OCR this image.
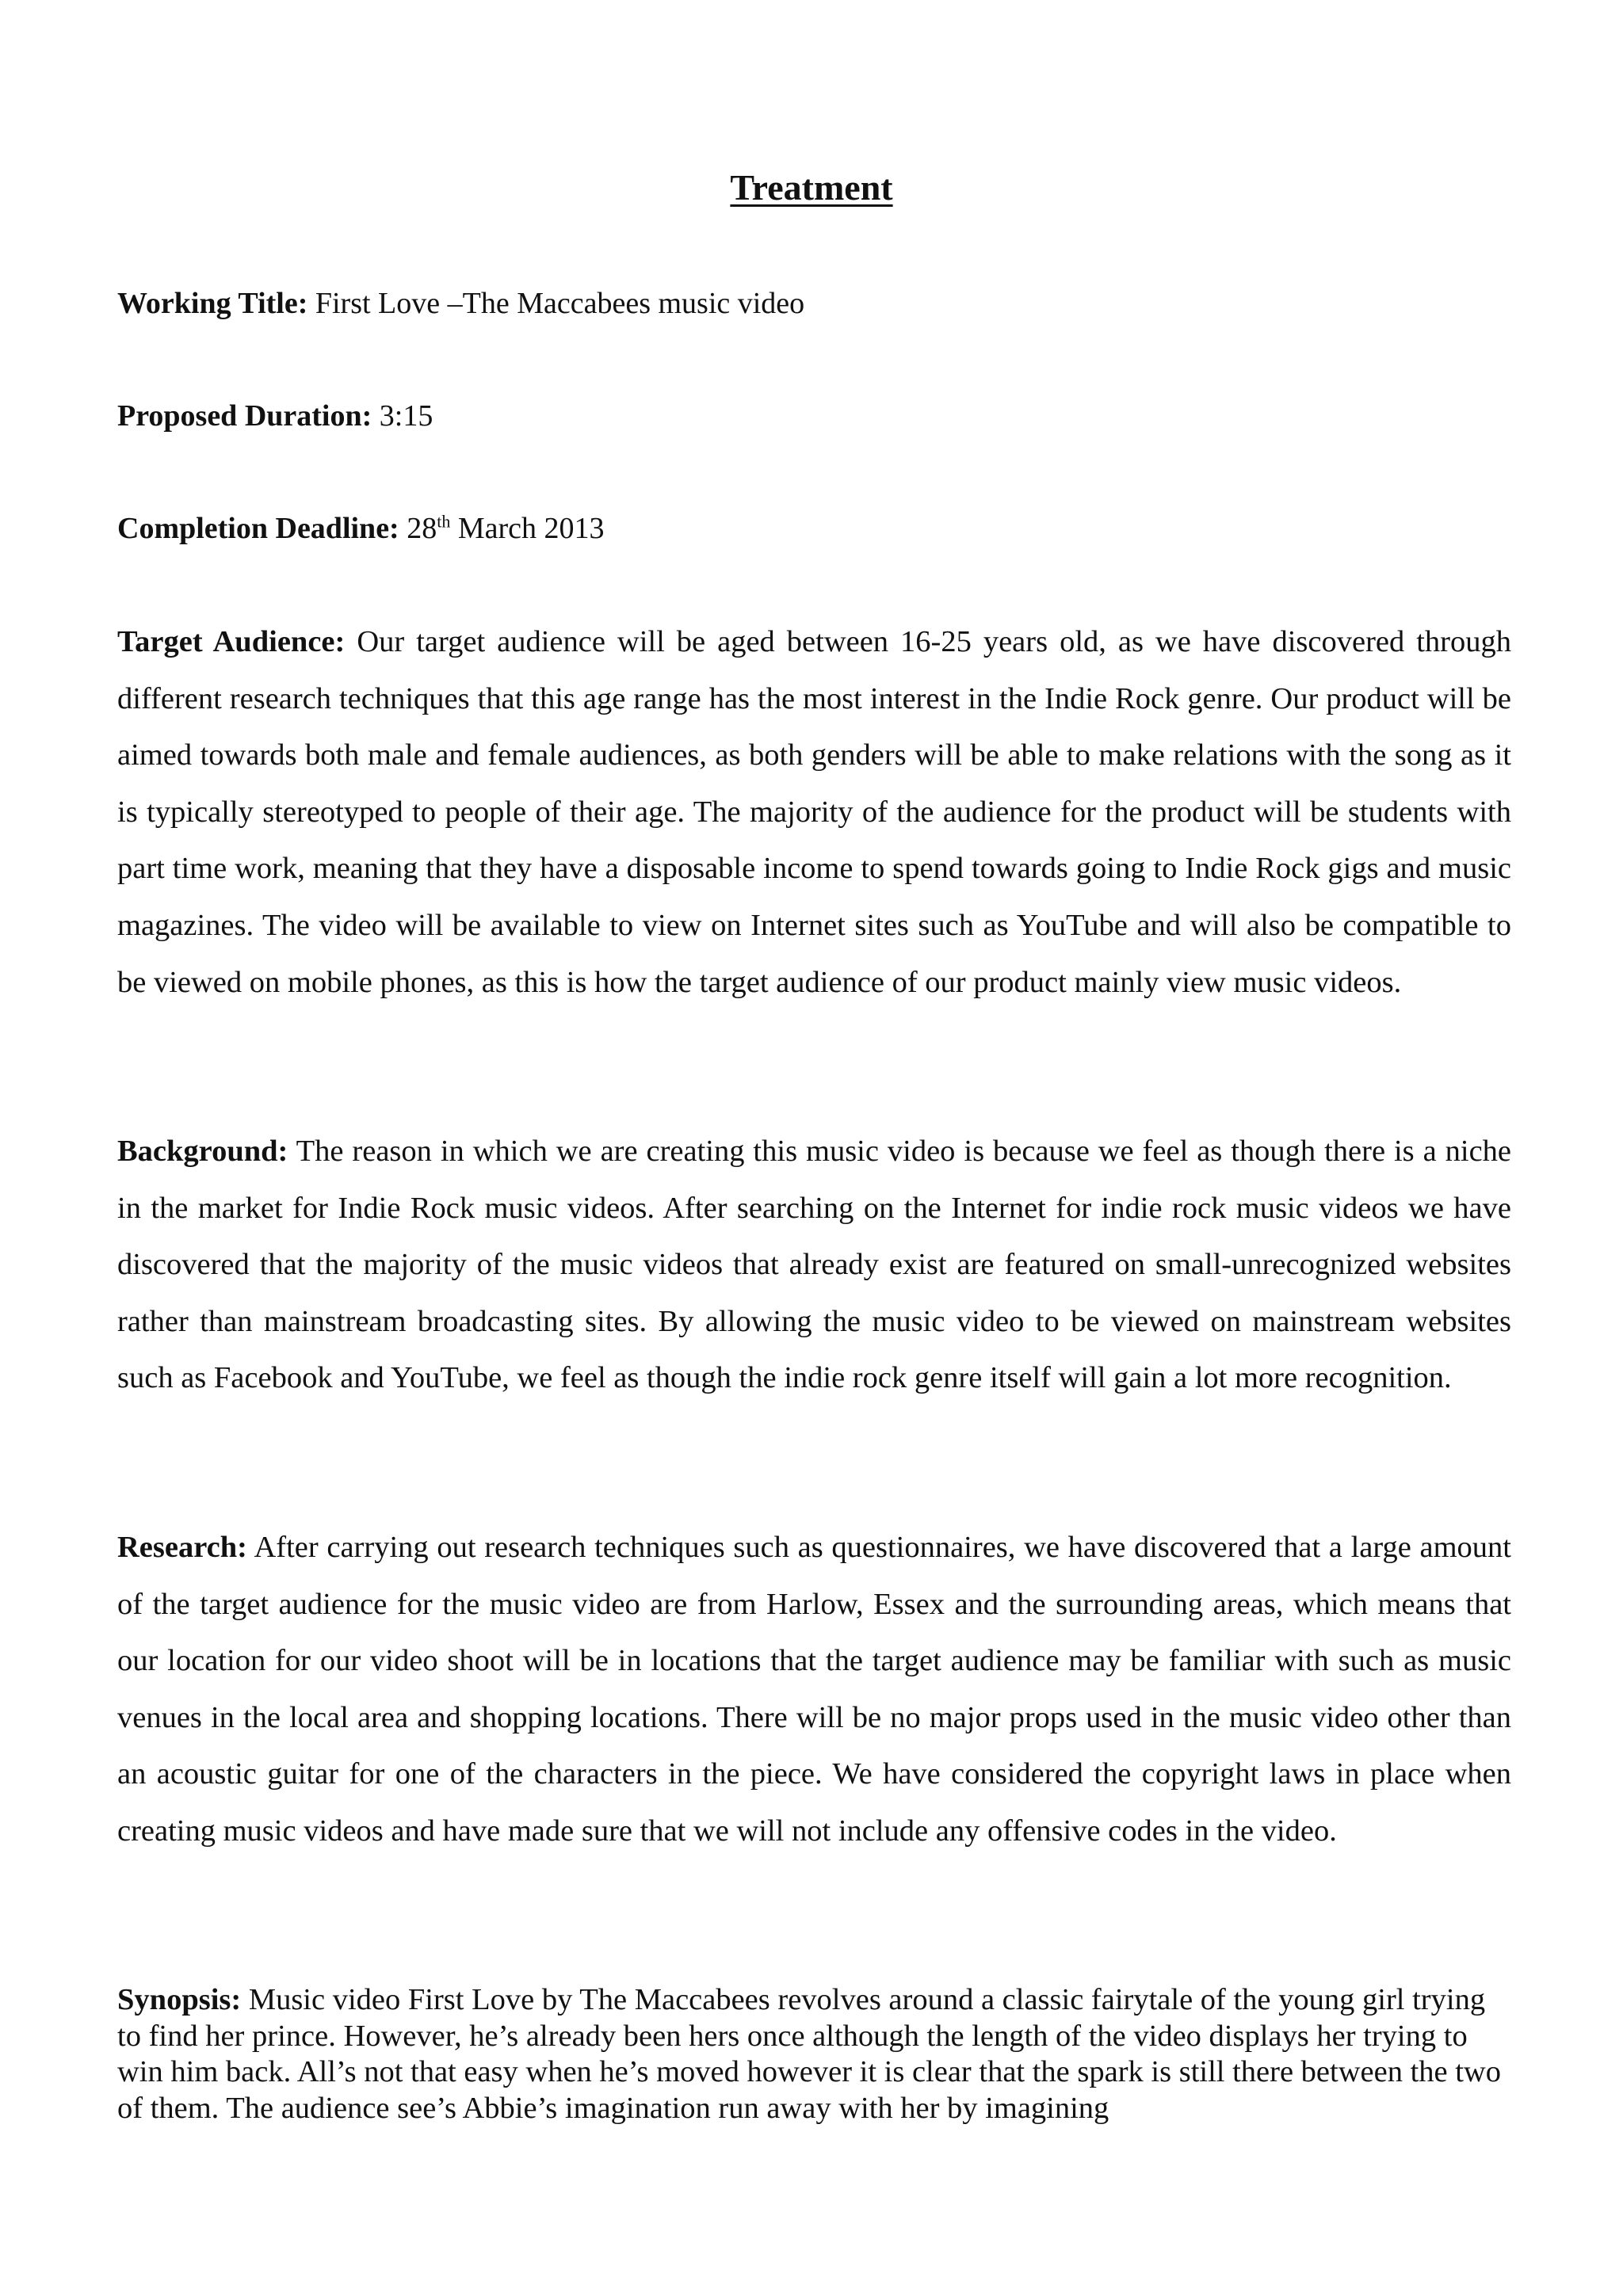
Treatment
Working Title: First Love –The Maccabees music video
Proposed Duration: 3:15
Completion Deadline: 28th March 2013
Target Audience: Our target audience will be aged between 16-25 years old, as we have discovered through different research techniques that this age range has the most interest in the Indie Rock genre. Our product will be aimed towards both male and female audiences, as both genders will be able to make relations with the song as it is typically stereotyped to people of their age. The majority of the audience for the product will be students with part time work, meaning that they have a disposable income to spend towards going to Indie Rock gigs and music magazines. The video will be available to view on Internet sites such as YouTube and will also be compatible to be viewed on mobile phones, as this is how the target audience of our product mainly view music videos.
Background: The reason in which we are creating this music video is because we feel as though there is a niche in the market for Indie Rock music videos. After searching on the Internet for indie rock music videos we have discovered that the majority of the music videos that already exist are featured on small-unrecognized websites rather than mainstream broadcasting sites. By allowing the music video to be viewed on mainstream websites such as Facebook and YouTube, we feel as though the indie rock genre itself will gain a lot more recognition.
Research: After carrying out research techniques such as questionnaires, we have discovered that a large amount of the target audience for the music video are from Harlow, Essex and the surrounding areas, which means that our location for our video shoot will be in locations that the target audience may be familiar with such as music venues in the local area and shopping locations. There will be no major props used in the music video other than an acoustic guitar for one of the characters in the piece. We have considered the copyright laws in place when creating music videos and have made sure that we will not include any offensive codes in the video.
Synopsis: Music video First Love by The Maccabees revolves around a classic fairytale of the young girl trying to find her prince. However, he’s already been hers once although the length of the video displays her trying to win him back. All’s not that easy when he’s moved however it is clear that the spark is still there between the two of them. The audience see’s Abbie’s imagination run away with her by imagining
